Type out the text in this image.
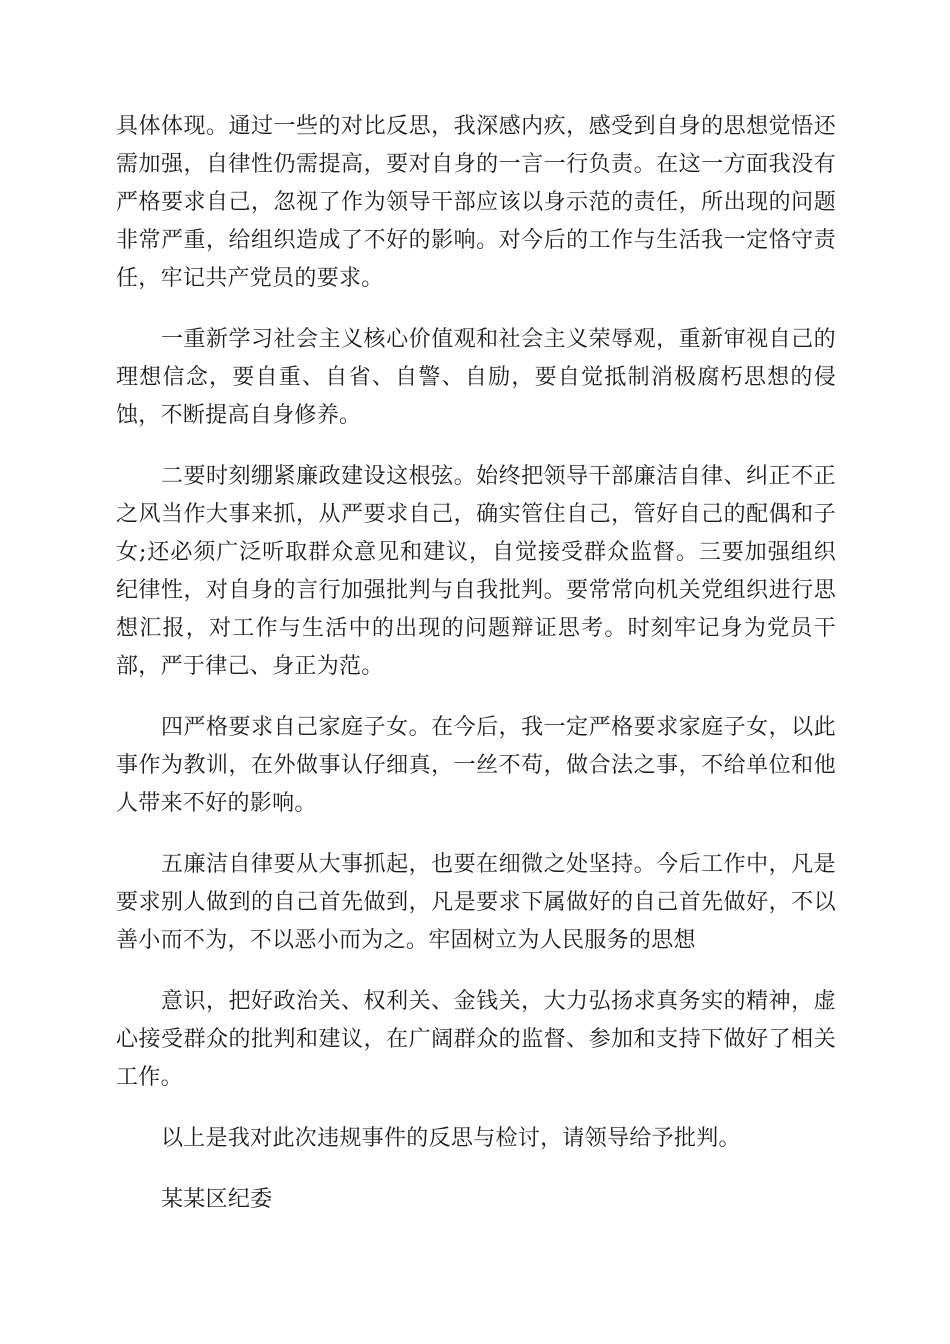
具体体现。通过一些的对比反思，我深感内疚，感受到自身的思想觉悟还需加强，自律性仍需提高，要对自身的一言一行负责。在这一方面我没有严格要求自己，忽视了作为领导干部应该以身示范的责任，所出现的问题非常严重，给组织造成了不好的影响。对今后的工作与生活我一定恪守责任，牢记共产党员的要求。

一重新学习社会主义核心价值观和社会主义荣辱观，重新审视自己的理想信念，要自重、自省、自警、自励，要自觉抵制消极腐朽思想的侵蚀，不断提高自身修养。

二要时刻绷紧廉政建设这根弦。始终把领导干部廉洁自律、纠正不正之风当作大事来抓，从严要求自己，确实管住自己，管好自己的配偶和子女;还必须广泛听取群众意见和建议，自觉接受群众监督。三要加强组织纪律性，对自身的言行加强批判与自我批判。要常常向机关党组织进行思想汇报，对工作与生活中的出现的问题辩证思考。时刻牢记身为党员干部，严于律己、身正为范。

四严格要求自己家庭子女。在今后，我一定严格要求家庭子女，以此事作为教训，在外做事认仔细真，一丝不苟，做合法之事，不给单位和他人带来不好的影响。

五廉洁自律要从大事抓起，也要在细微之处坚持。今后工作中，凡是要求别人做到的自己首先做到，凡是要求下属做好的自己首先做好，不以善小而不为，不以恶小而为之。牢固树立为人民服务的思想

意识，把好政治关、权利关、金钱关，大力弘扬求真务实的精神，虚心接受群众的批判和建议，在广阔群众的监督、参加和支持下做好了相关工作。

以上是我对此次违规事件的反思与检讨，请领导给予批判。

某某区纪委
